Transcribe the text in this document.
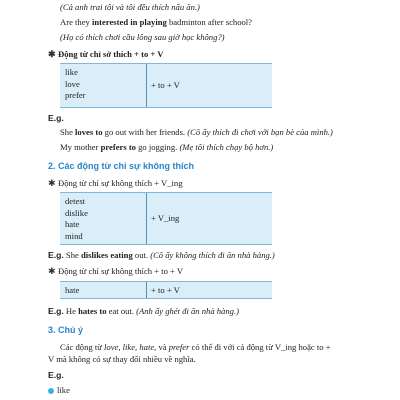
(Cả anh trai tôi và tôi đều thích nấu ăn.)
Are they interested in playing badminton after school?
(Họ có thích chơi cầu lông sau giờ học không?)
✱ Động từ chỉ sở thích + to + V
like
love
prefer
+ to + V
E.g.
She loves to go out with her friends. (Cô ấy thích đi chơi với bạn bè của mình.)
My mother prefers to go jogging. (Mẹ tôi thích chạy bộ hơn.)
2. Các động từ chỉ sự không thích
✱ Động từ chỉ sự không thích + V_ing
detest
dislike
hate
mind
+ V_ing
E.g. She dislikes eating out. (Cô ấy không thích đi ăn nhà hàng.)
✱ Động từ chỉ sự không thích + to + V
hate	+ to + V
E.g. He hates to eat out. (Anh ấy ghét đi ăn nhà hàng.)
3. Chú ý
Các động từ love, like, hate, và prefer có thể đi với cả động từ V_ing hoặc to +
V mà không có sự thay đổi nhiều về nghĩa.
E.g.
like
